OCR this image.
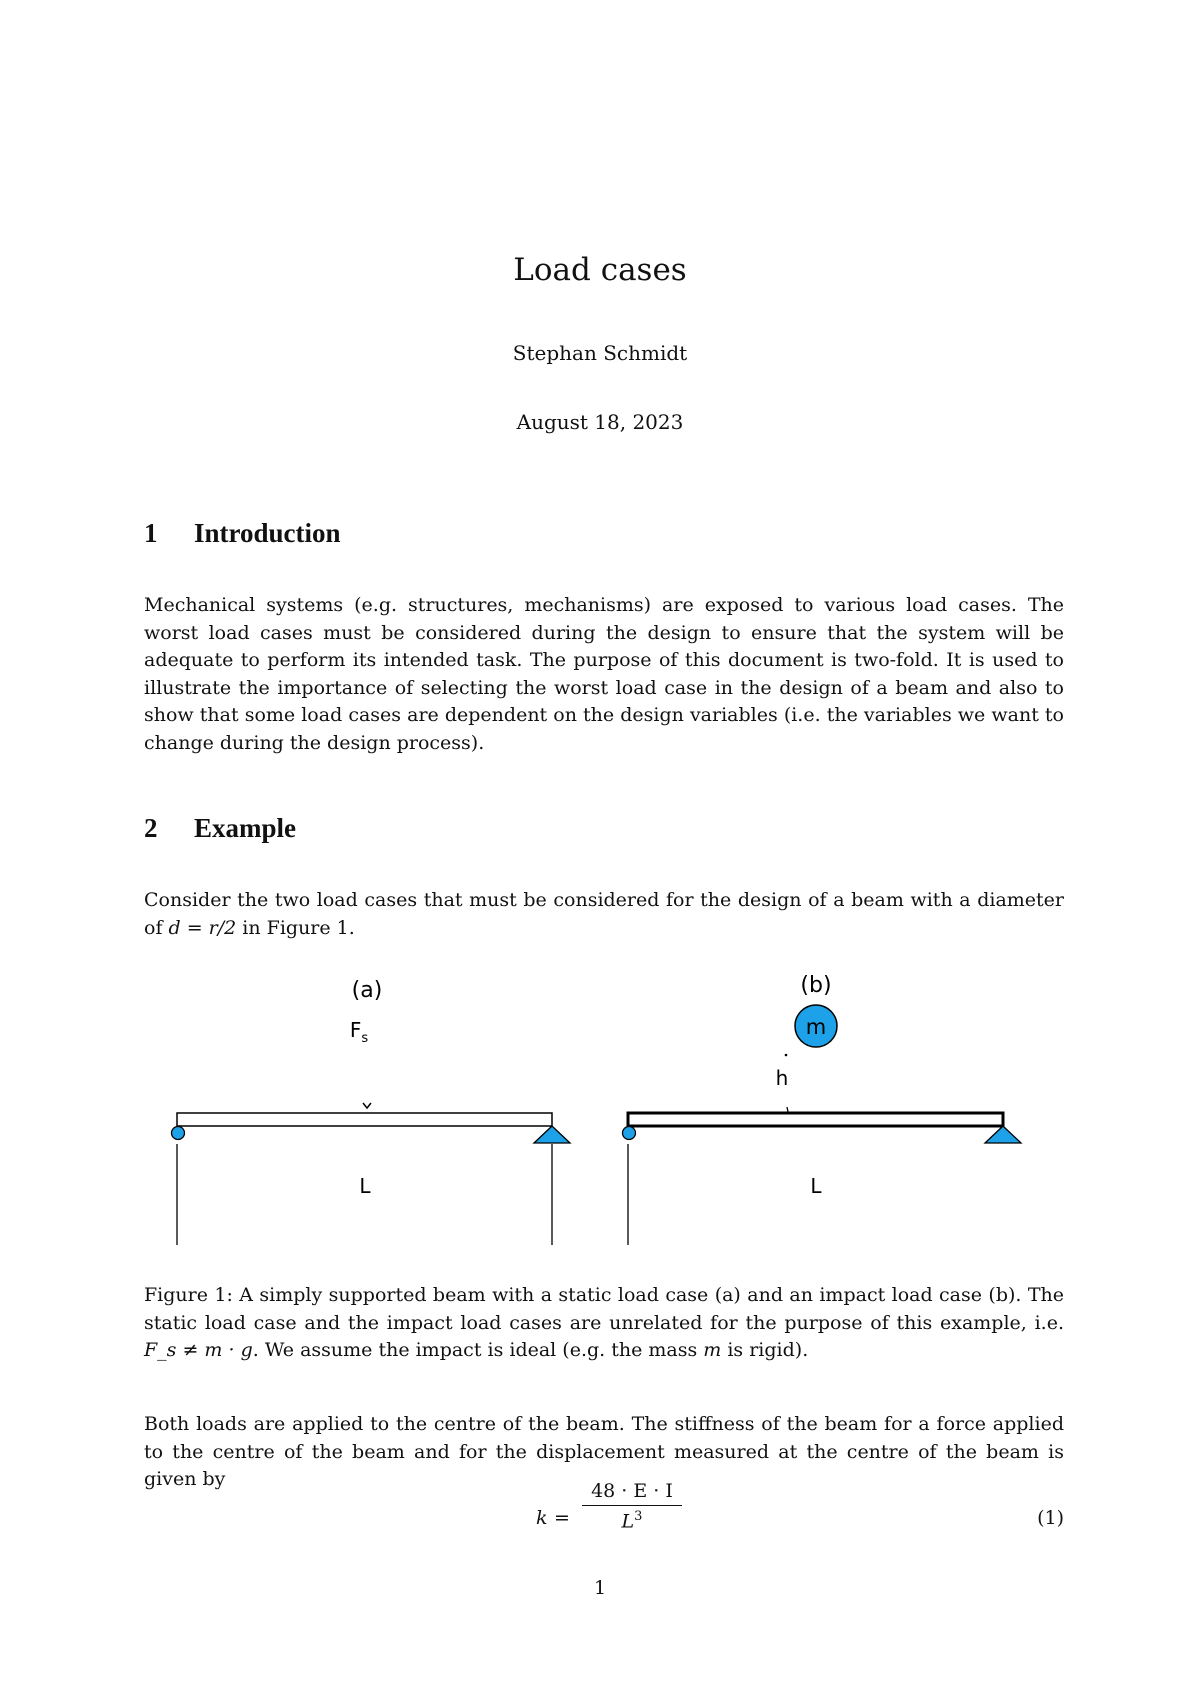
Load cases
Stephan Schmidt
August 18, 2023
1 Introduction
Mechanical systems (e.g. structures, mechanisms) are exposed to various load cases. The worst load cases must be considered during the design to ensure that the system will be adequate to perform its intended task. The purpose of this document is two-fold. It is used to illustrate the importance of selecting the worst load case in the design of a beam and also to show that some load cases are dependent on the design variables (i.e. the variables we want to change during the design process).
2 Example
Consider the two load cases that must be considered for the design of a beam with a diameter of d = r/2 in Figure 1.
(a)
$F_s$
L
(b)
m
h
L
Figure 1: A simply supported beam with a static load case (a) and an impact load case (b). The static load case and the impact load cases are unrelated for the purpose of this example, i.e. F_s ≠ m · g. We assume the impact is ideal (e.g. the mass m is rigid).
Both loads are applied to the centre of the beam. The stiffness of the beam for a force applied to the centre of the beam and for the displacement measured at the centre of the beam is given by
k =
48 · E · I
$L^3$	(1)
1
